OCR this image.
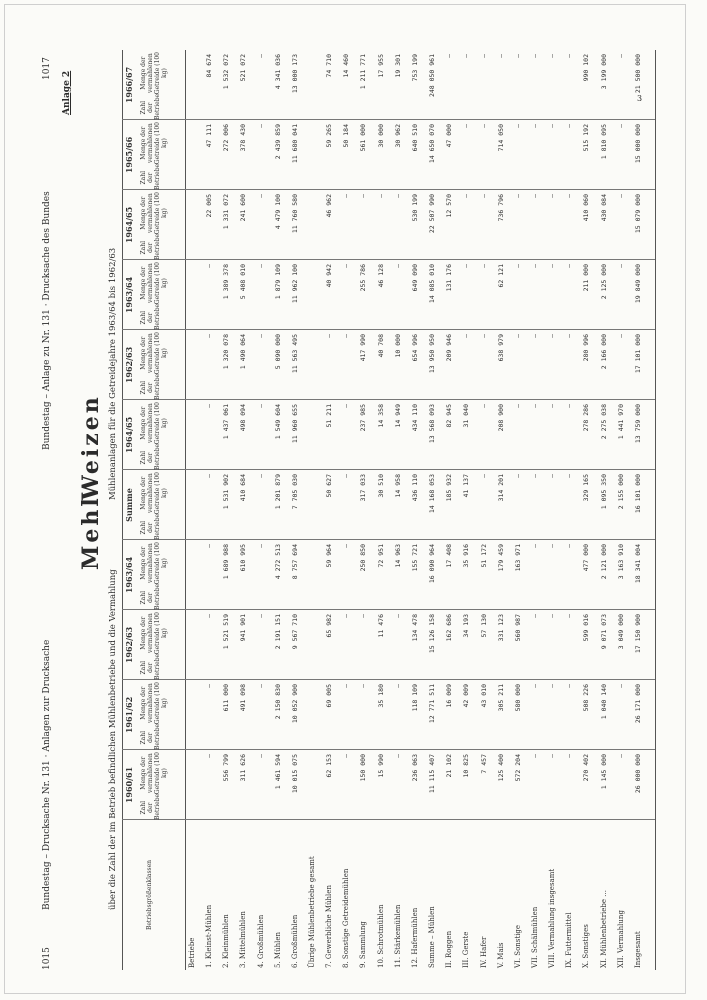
1015
Bundestag – Drucksache Nr. 131 · Anlagen zur Drucksache
Bundestag – Anlage zu Nr. 131 · Drucksache des Bundes
1017
Anlage 2
Mehl
Weizen
über die Zahl der im Betrieb befindlichen Mühlenbetriebe und die Vermahlung
Mühlenanlagen für die Getreidejahre 1963/64 bis 1962/63
Betriebsgrößenklassen
1960/61
Zahl der Betriebe
Menge der vermahlenen Getreide (100 kg)
1961/62
Zahl der Betriebe
Menge der vermahlenen Getreide (100 kg)
1962/63
Zahl der Betriebe
Menge der vermahlenen Getreide (100 kg)
1963/64
Zahl der Betriebe
Menge der vermahlenen Getreide (100 kg)
Summe
Zahl der Betriebe
Menge der vermahlenen Getreide (100 kg)
1964/65
Zahl der Betriebe
Menge der vermahlenen Getreide (100 kg)
1962/63
Zahl der Betriebe
Menge der vermahlenen Getreide (100 kg)
1963/64
Zahl der Betriebe
Menge der vermahlenen Getreide (100 kg)
1964/65
Zahl der Betriebe
Menge der vermahlenen Getreide (100 kg)
1965/66
Zahl der Betriebe
Menge der vermahlenen Getreide (100 kg)
1966/67
Zahl der Betriebe
Menge der vermahlenen Getreide (100 kg)
Betriebe 1. Kleinst-Mühlen
—
—
—
—
—
—
—
—
22 005
47 111
84 674
2. Kleinmühlen
556 799
611 000
1 521 519
1 689 988
1 531 902
1 437 061
1 320 078
1 389 378
1 331 072
272 006
1 532 072
3. Mittelmühlen
311 626
491 098
941 901
610 995
410 684
498 094
1 490 064
5 408 010
241 600
378 430
521 072
4. Großmühlen
—
—
—
—
—
—
—
—
—
—
—
5. Mühlen
1 461 594
2 150 830
2 191 151
4 272 513
1 201 879
1 549 604
5 090 000
1 879 109
4 479 100
2 439 859
4 341 036
6. Großmühlen
10 015 075
10 052 900
9 567 710
8 757 694
7 705 030
11 960 655
11 563 495
11 962 100
11 760 580
11 680 041
13 000 173
Übrige Mühlenbetriebe gesamt 7. Gewerbliche Mühlen
62 153
69 005
65 982
59 964
50 627
51 211
—
40 942
46 962
59 265
74 710
8. Sonstige Getreidemühlen
—
—
—
—
—
—
—
—
—
50 184
14 460
9. Sammlung
150 000
—
—
250 850
317 033
237 985
417 990
255 786
—
561 000
1 211 771
10. Schrotmühlen
15 990
35 180
11 476
72 951
30 510
14 358
40 708
46 128
—
30 000
17 955
11. Stärkemühlen
—
—
—
14 963
14 958
14 949
10 000
—
—
30 962
19 301
12. Hafermühlen
236 063
118 109
134 478
155 721
436 110
434 110
654 996
649 090
530 199
640 510
753 199
Summe – Mühlen
11 115 407
12 771 511
15 126 158
16 090 964
14 168 053
13 568 093
13 950 950
14 085 010
22 507 990
14 650 070
248 050 961
II. Roggen
21 102
16 009
162 686
17 408
185 932
82 945
209 946
131 176
12 570
47 000
—
III. Gerste
10 825
42 009
34 193
35 916
41 137
31 040
—
—
—
—
—
IV. Hafer
7 457
43 010
57 130
51 172
—
—
—
—
—
—
—
V. Mais
125 400
305 211
331 123
179 459
314 201
208 900
638 979
62 121
736 796
714 050
—
VI. Sonstige
572 204
580 000
560 987
163 971
—
—
—
—
—
—
—
VII. Schälmühlen
—
—
—
—
—
—
—
—
—
—
—
VIII. Vermahlung insgesamt
—
—
—
—
—
—
—
—
—
—
—
IX. Futtermittel
—
—
—
—
—
—
—
—
—
—
—
X. Sonstiges
270 402
508 226
599 016
477 000
329 165
278 286
280 996
211 000
410 060
515 192
990 102
XI. Mühlenbetriebe ...
1 145 000
1 040 140
9 071 073
2 121 000
1 095 350
2 275 038
2 166 000
2 125 000
430 084
1 810 095
3 199 000
XII. Vermahlung
—
—
3 049 000
3 163 910
2 155 000
1 441 970
—
—
—
—
—
Insgesamt
26 000 000
26 171 000
17 150 900
18 341 004
16 101 000
13 759 000
17 101 000
19 849 000
15 079 000
15 000 000
21 500 000
3
